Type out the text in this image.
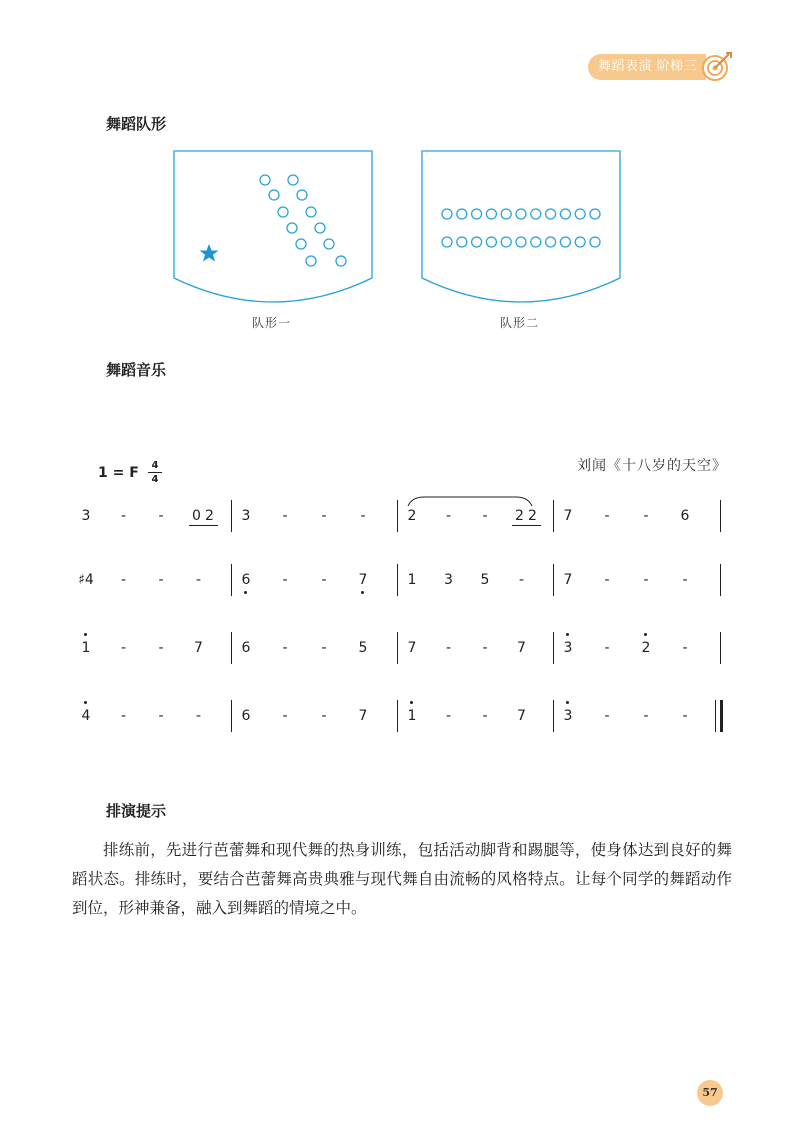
舞蹈表演 阶梯三
舞蹈队形
舞蹈音乐
排演提示
队形一	队形二
刘闻《十八岁的天空》
1 = F	4
4
3	-	-	0 2 3	-	-	-	2	-	-	2 2 7	-	-	6
♯4	-	-	-	6	-	-	7	1 3 5	-	7	-	-	-
1	-	-	7	6	-	-	5	7	-	-	7	3	-	2	-
4	-	-	-	6	-	-	7	1	-	-	7	3	-	-	-
排练前，先进行芭蕾舞和现代舞的热身训练，包括活动脚背和踢腿等，使身体达到良好的舞蹈状态。排练时，要结合芭蕾舞高贵典雅与现代舞自由流畅的风格特点。让每个同学的舞蹈动作到位，形神兼备，融入到舞蹈的情境之中。
57
